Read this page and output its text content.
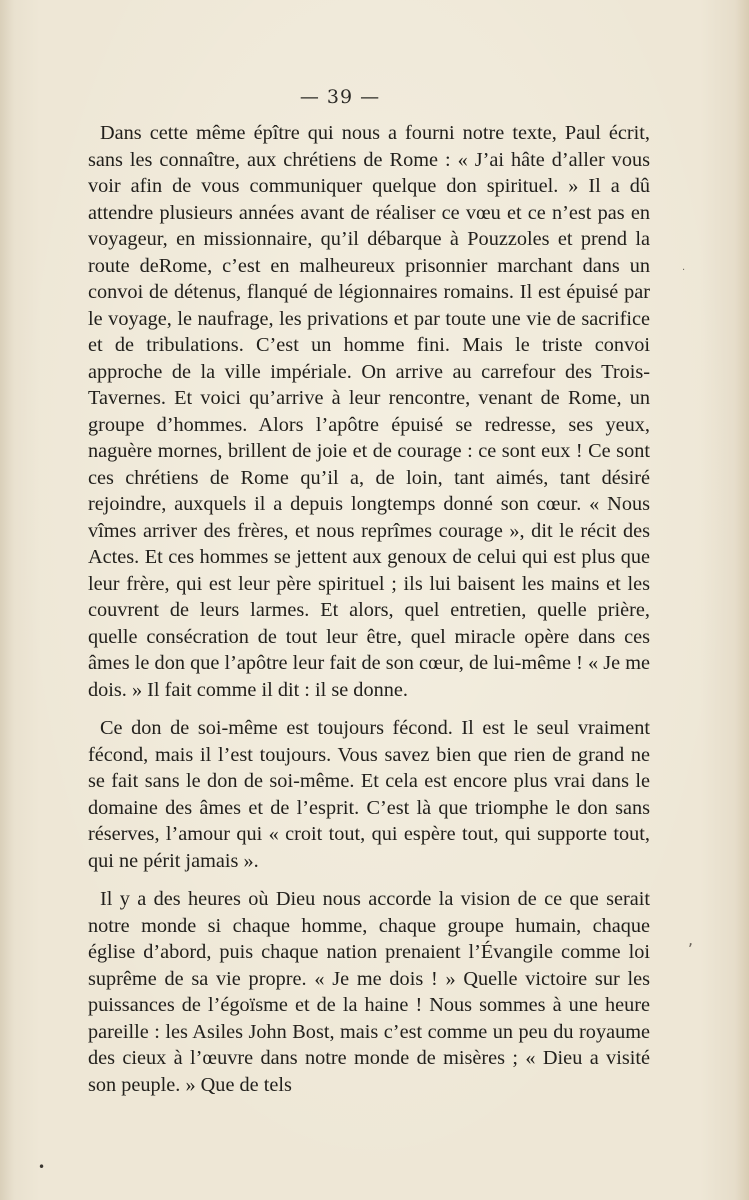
— 39 —

Dans cette même épître qui nous a fourni notre texte, Paul écrit, sans les connaître, aux chrétiens de Rome : « J’ai hâte d’aller vous voir afin de vous communiquer quelque don spirituel. » Il a dû attendre plusieurs années avant de réaliser ce vœu et ce n’est pas en voyageur, en missionnaire, qu’il débarque à Pouzzoles et prend la route deRome, c’est en malheureux prisonnier marchant dans un convoi de détenus, flanqué de légionnaires romains. Il est épuisé par le voyage, le naufrage, les privations et par toute une vie de sacrifice et de tribulations. C’est un homme fini. Mais le triste convoi approche de la ville impériale. On arrive au carrefour des Trois-Tavernes. Et voici qu’arrive à leur rencontre, venant de Rome, un groupe d’hommes. Alors l’apôtre épuisé se redresse, ses yeux, naguère mornes, brillent de joie et de courage : ce sont eux ! Ce sont ces chrétiens de Rome qu’il a, de loin, tant aimés, tant désiré rejoindre, auxquels il a depuis longtemps donné son cœur. « Nous vîmes arriver des frères, et nous reprîmes courage », dit le récit des Actes. Et ces hommes se jettent aux genoux de celui qui est plus que leur frère, qui est leur père spirituel ; ils lui baisent les mains et les couvrent de leurs larmes. Et alors, quel entretien, quelle prière, quelle consécration de tout leur être, quel miracle opère dans ces âmes le don que l’apôtre leur fait de son cœur, de lui-même ! « Je me dois. » Il fait comme il dit : il se donne.

Ce don de soi-même est toujours fécond. Il est le seul vraiment fécond, mais il l’est toujours. Vous savez bien que rien de grand ne se fait sans le don de soi-même. Et cela est encore plus vrai dans le domaine des âmes et de l’esprit. C’est là que triomphe le don sans réserves, l’amour qui « croit tout, qui espère tout, qui supporte tout, qui ne périt jamais ».

Il y a des heures où Dieu nous accorde la vision de ce que serait notre monde si chaque homme, chaque groupe humain, chaque église d’abord, puis chaque nation prenaient l’Évangile comme loi suprême de sa vie propre. « Je me dois ! » Quelle victoire sur les puissances de l’égoïsme et de la haine ! Nous sommes à une heure pareille : les Asiles John Bost, mais c’est comme un peu du royaume des cieux à l’œuvre dans notre monde de misères ; « Dieu a visité son peuple. » Que de tels

.
,
•
